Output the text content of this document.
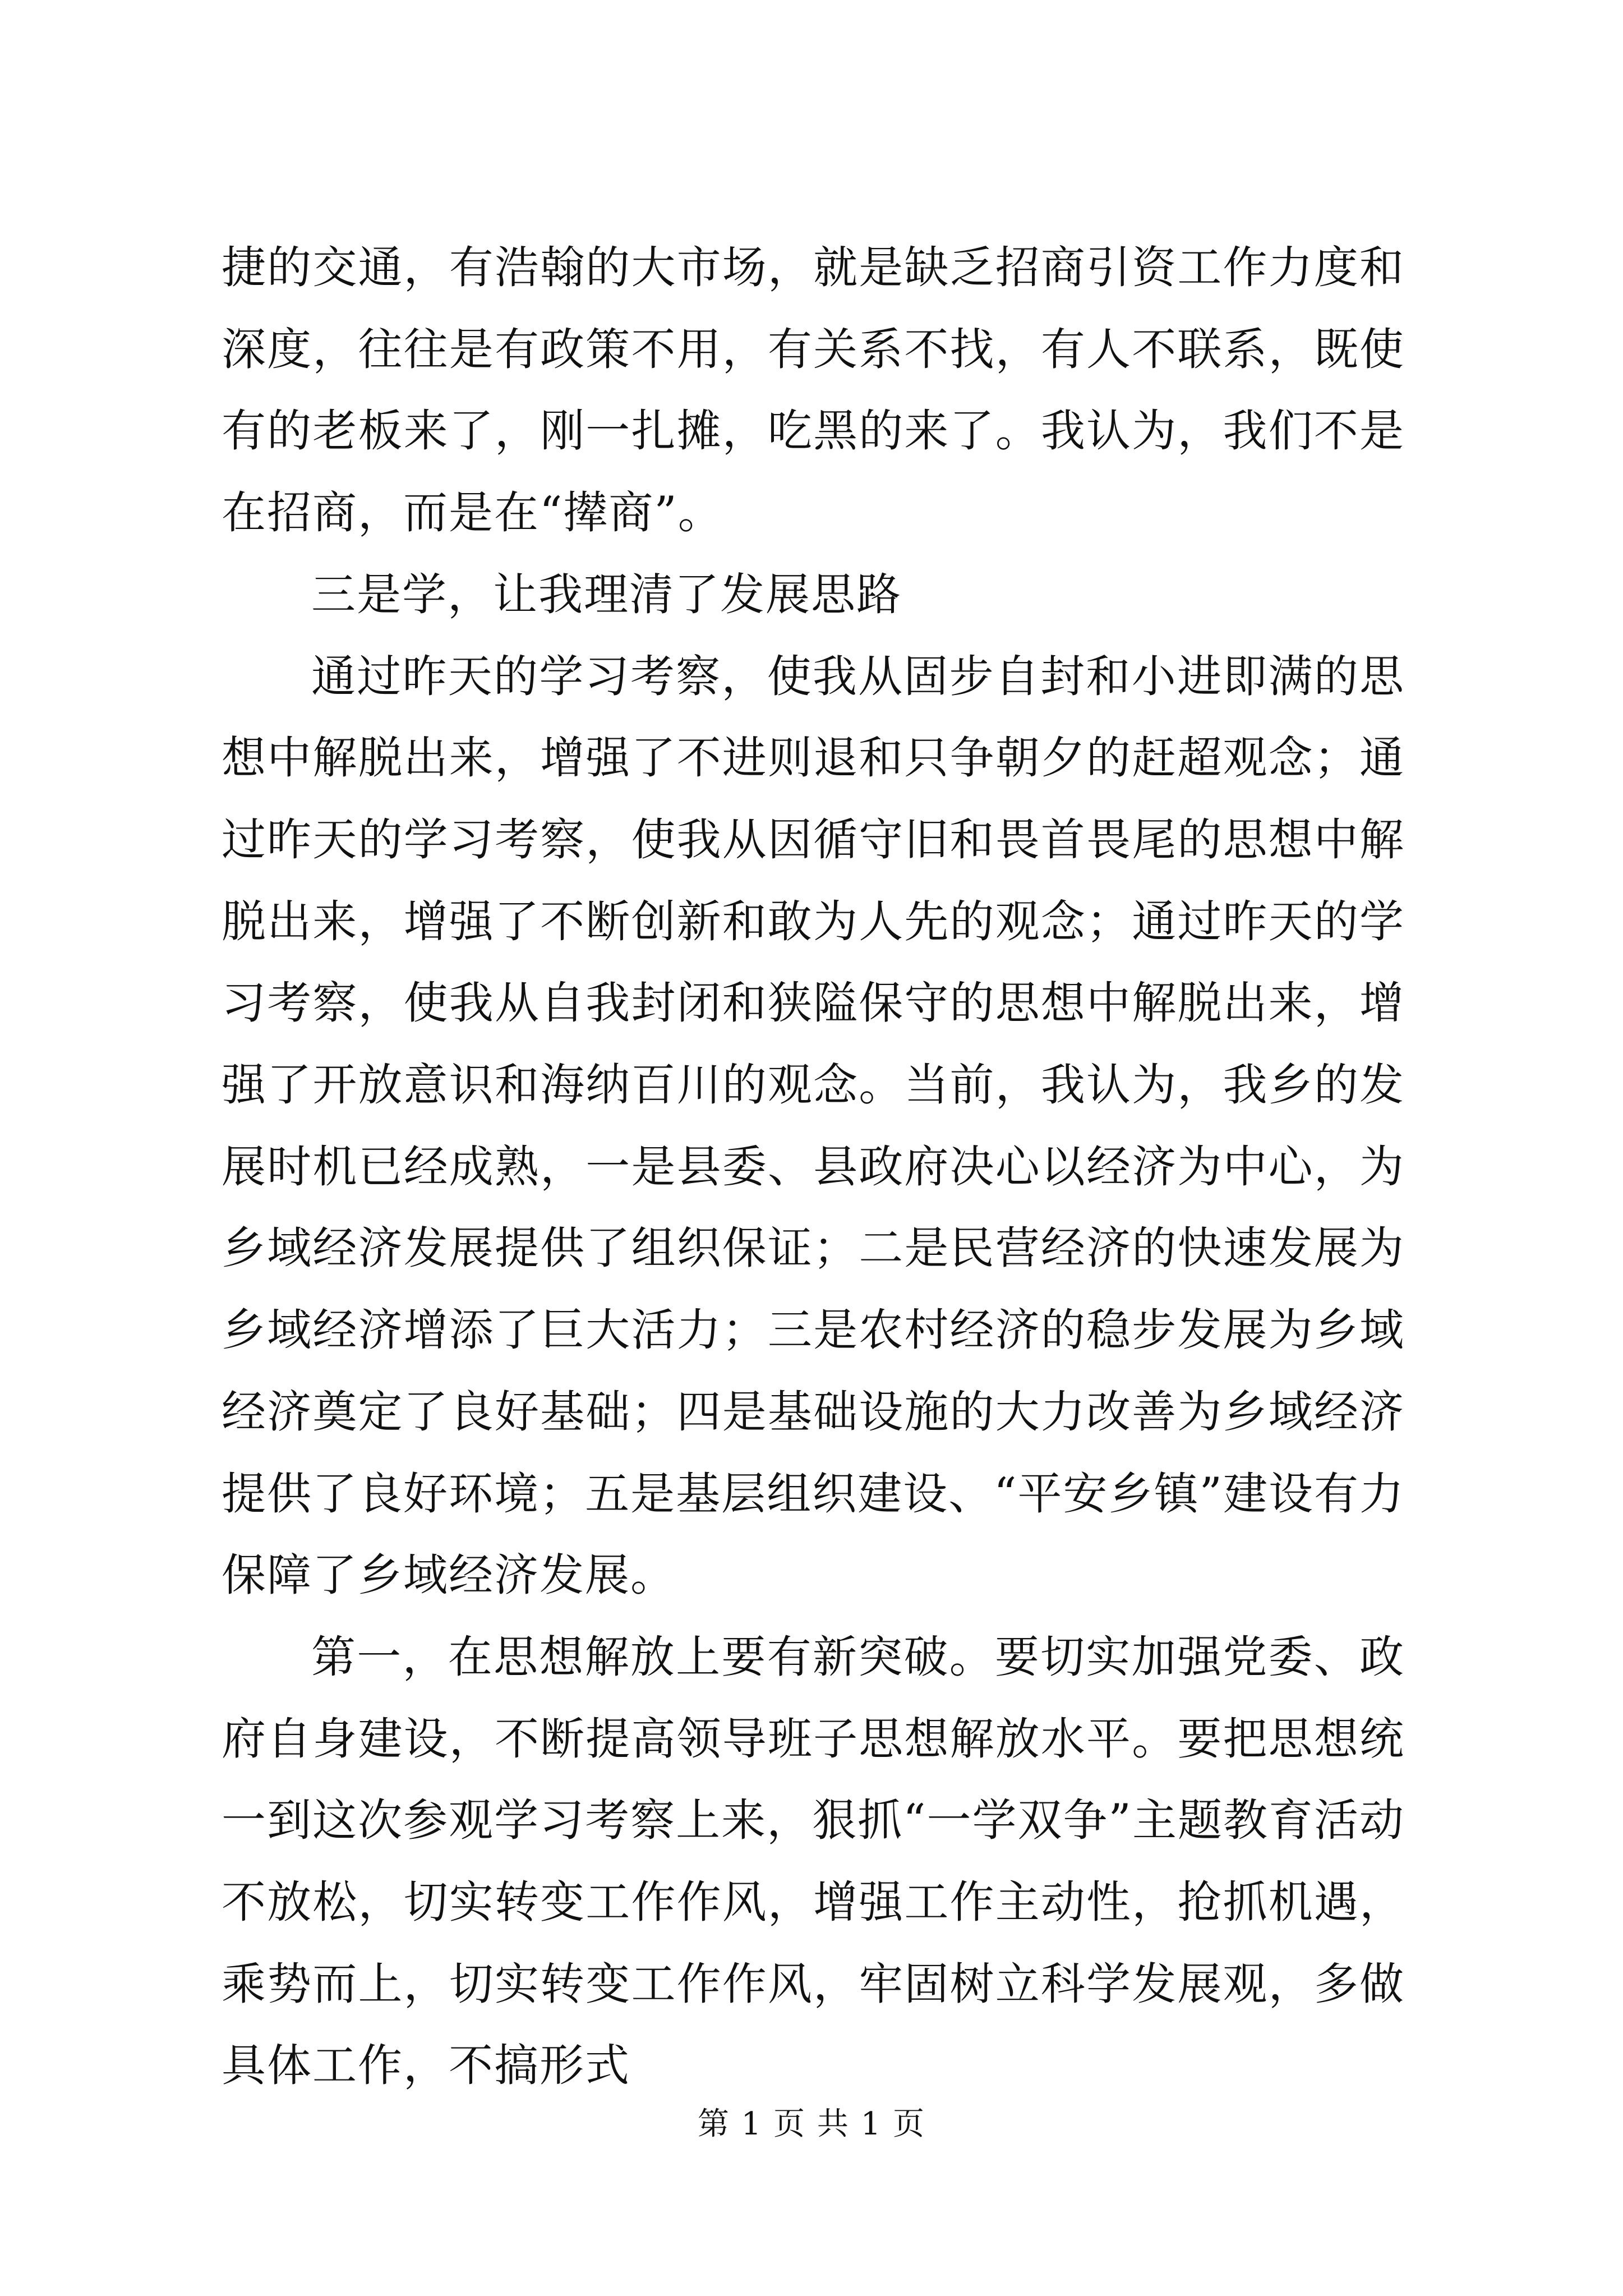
捷的交通，有浩翰的大市场，就是缺乏招商引资工作力度和深度，往往是有政策不用，有关系不找，有人不联系，既使有的老板来了，刚一扎摊，吃黑的来了。我认为，我们不是在招商，而是在“撵商”。

三是学，让我理清了发展思路

通过昨天的学习考察，使我从固步自封和小进即满的思想中解脱出来，增强了不进则退和只争朝夕的赶超观念；通过昨天的学习考察，使我从因循守旧和畏首畏尾的思想中解脱出来，增强了不断创新和敢为人先的观念；通过昨天的学习考察，使我从自我封闭和狭隘保守的思想中解脱出来，增强了开放意识和海纳百川的观念。当前，我认为，我乡的发展时机已经成熟，一是县委、县政府决心以经济为中心，为乡域经济发展提供了组织保证；二是民营经济的快速发展为乡域经济增添了巨大活力；三是农村经济的稳步发展为乡域经济奠定了良好基础；四是基础设施的大力改善为乡域经济提供了良好环境；五是基层组织建设、“平安乡镇”建设有力保障了乡域经济发展。

第一，在思想解放上要有新突破。要切实加强党委、政府自身建设，不断提高领导班子思想解放水平。要把思想统一到这次参观学习考察上来，狠抓“一学双争”主题教育活动不放松，切实转变工作作风，增强工作主动性，抢抓机遇，乘势而上，切实转变工作作风，牢固树立科学发展观，多做具体工作，不搞形式

第 1 页 共 1 页
